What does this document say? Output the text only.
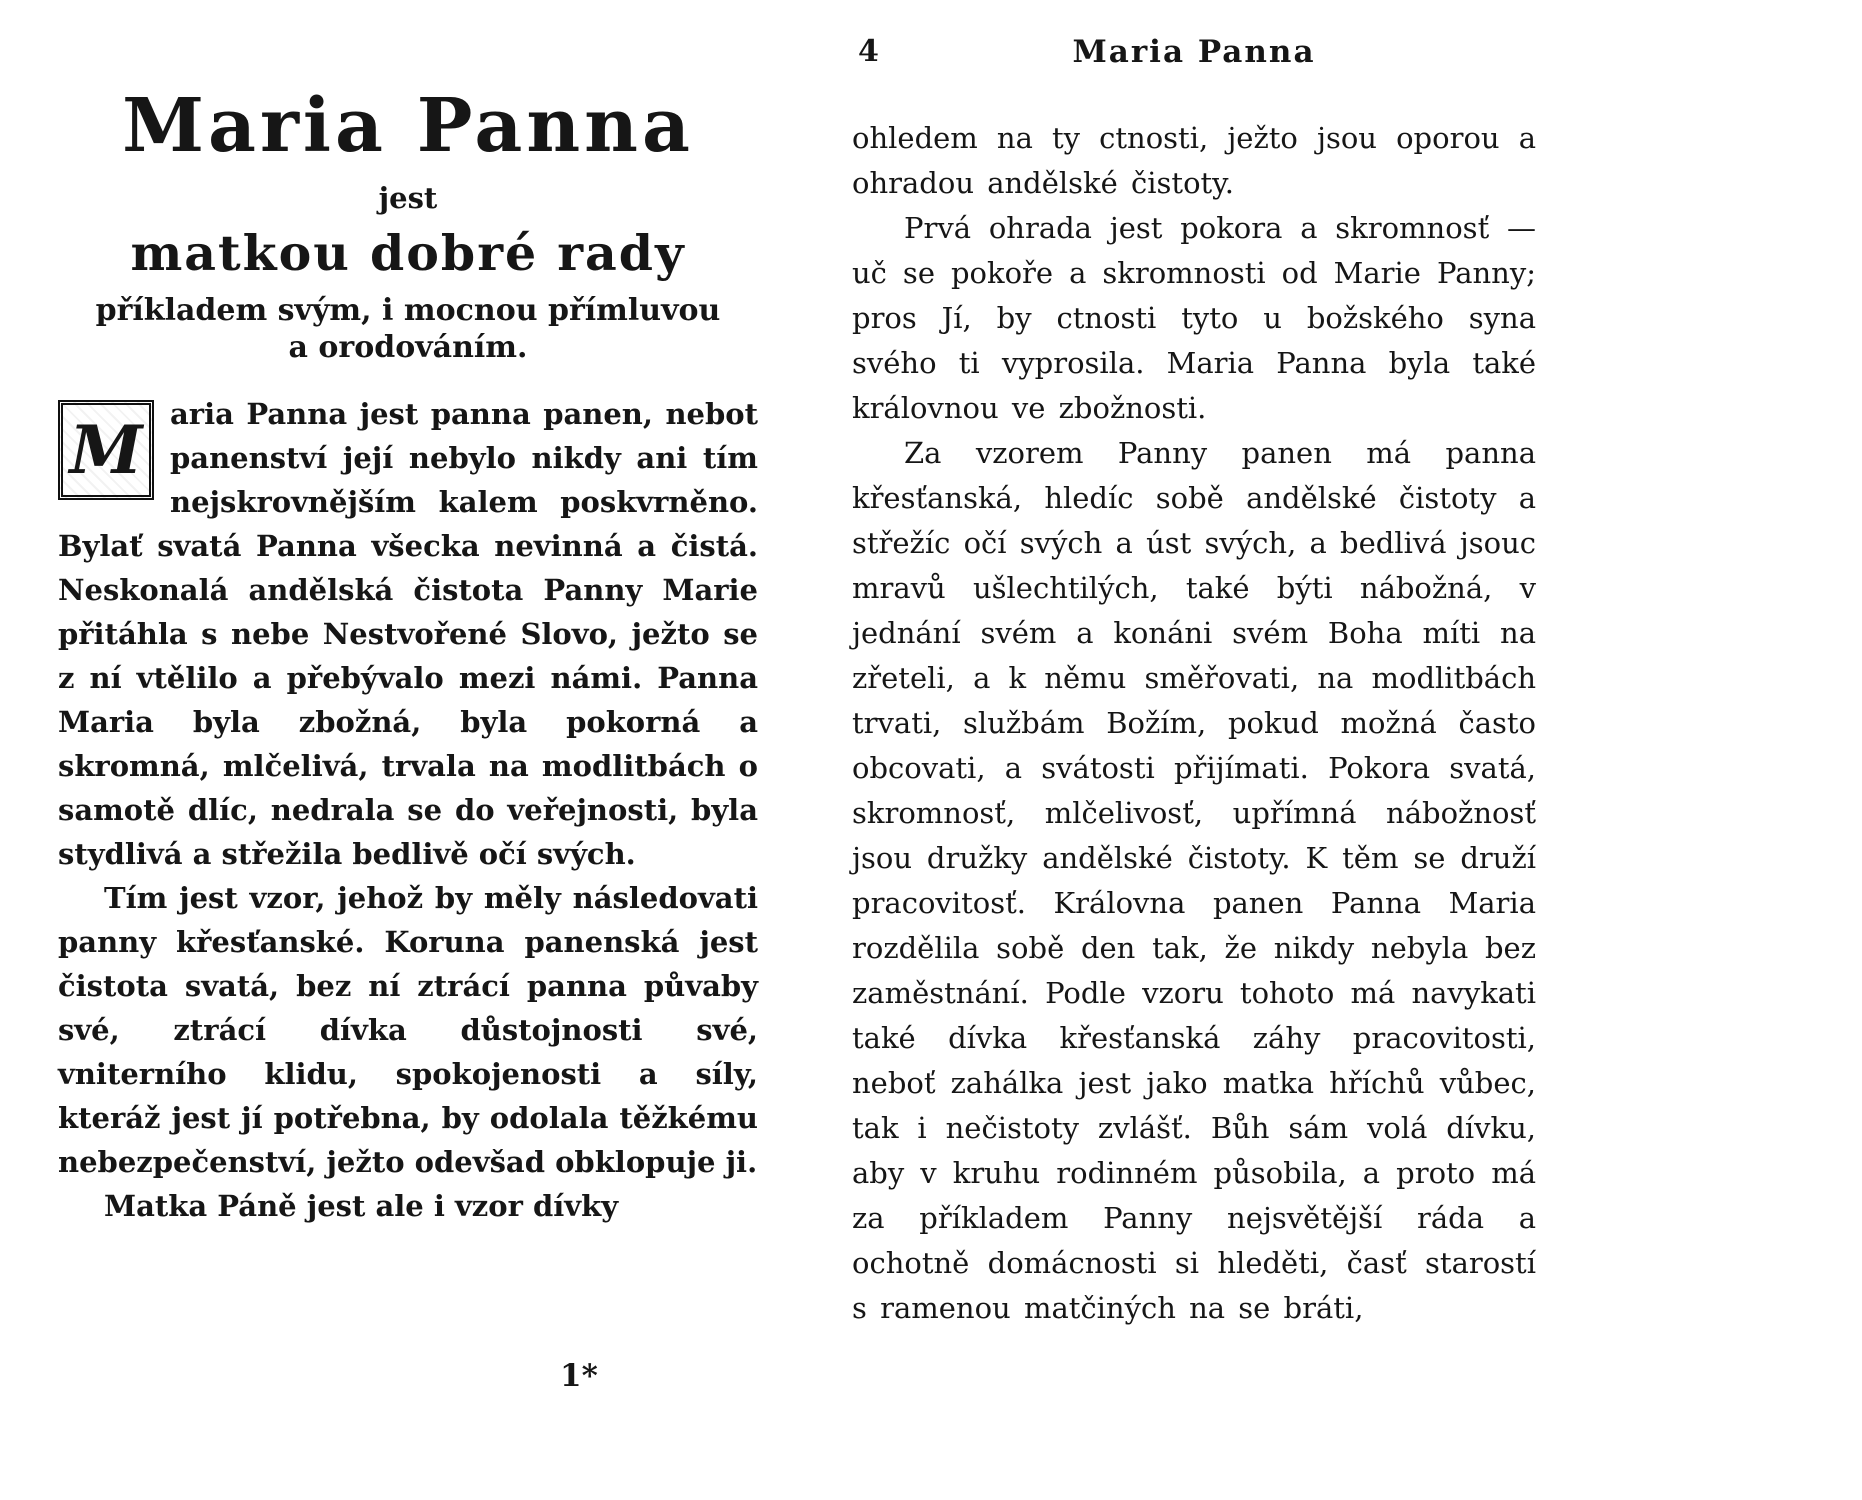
Maria Panna
jest
matkou dobré rady
příkladem svým, i mocnou přímluvou
a orodováním.

M aria Panna jest panna panen, nebot panenství její nebylo nikdy ani tím nejskrovnějším kalem poskvrněno. Bylať svatá Panna všecka nevinná a čistá. Neskonalá andělská čistota Panny Marie přitáhla s nebe Nestvořené Slovo, ježto se z ní vtělilo a přebývalo mezi námi. Panna Maria byla zbožná, byla pokorná a skromná, mlčelivá, trvala na modlitbách o samotě dlíc, nedrala se do veřejnosti, byla stydlivá a střežila bedlivě očí svých.

Tím jest vzor, jehož by měly následovati panny křesťanské. Koruna panenská jest čistota svatá, bez ní ztrácí panna půvaby své, ztrácí dívka důstojnosti své, vniterního klidu, spokojenosti a síly, kteráž jest jí potřebna, by odolala těžkému nebezpečenství, ježto odevšad obklopuje ji.

Matka Páně jest ale i vzor dívky

1*
4	Maria Panna

ohledem na ty ctnosti, ježto jsou oporou a ohradou andělské čistoty.

Prvá ohrada jest pokora a skromnosť — uč se pokoře a skromnosti od Marie Panny; pros Jí, by ctnosti tyto u božského syna svého ti vyprosila. Maria Panna byla také královnou ve zbožnosti.

Za vzorem Panny panen má panna křesťanská, hledíc sobě andělské čistoty a střežíc očí svých a úst svých, a bedlivá jsouc mravů ušlechtilých, také býti nábožná, v jednání svém a konáni svém Boha míti na zřeteli, a k němu směřovati, na modlitbách trvati, službám Božím, pokud možná často obcovati, a svátosti přijímati. Pokora svatá, skromnosť, mlčelivosť, upřímná nábožnosť jsou družky andělské čistoty. K těm se druží pracovitosť. Královna panen Panna Maria rozdělila sobě den tak, že nikdy nebyla bez zaměstnání. Podle vzoru tohoto má navykati také dívka křesťanská záhy pracovitosti, neboť zahálka jest jako matka hříchů vůbec, tak i nečistoty zvlášť. Bůh sám volá dívku, aby v kruhu rodinném působila, a proto má za příkladem Panny nejsvětější ráda a ochotně domácnosti si hleděti, časť starostí s ramenou matčiných na se bráti,
